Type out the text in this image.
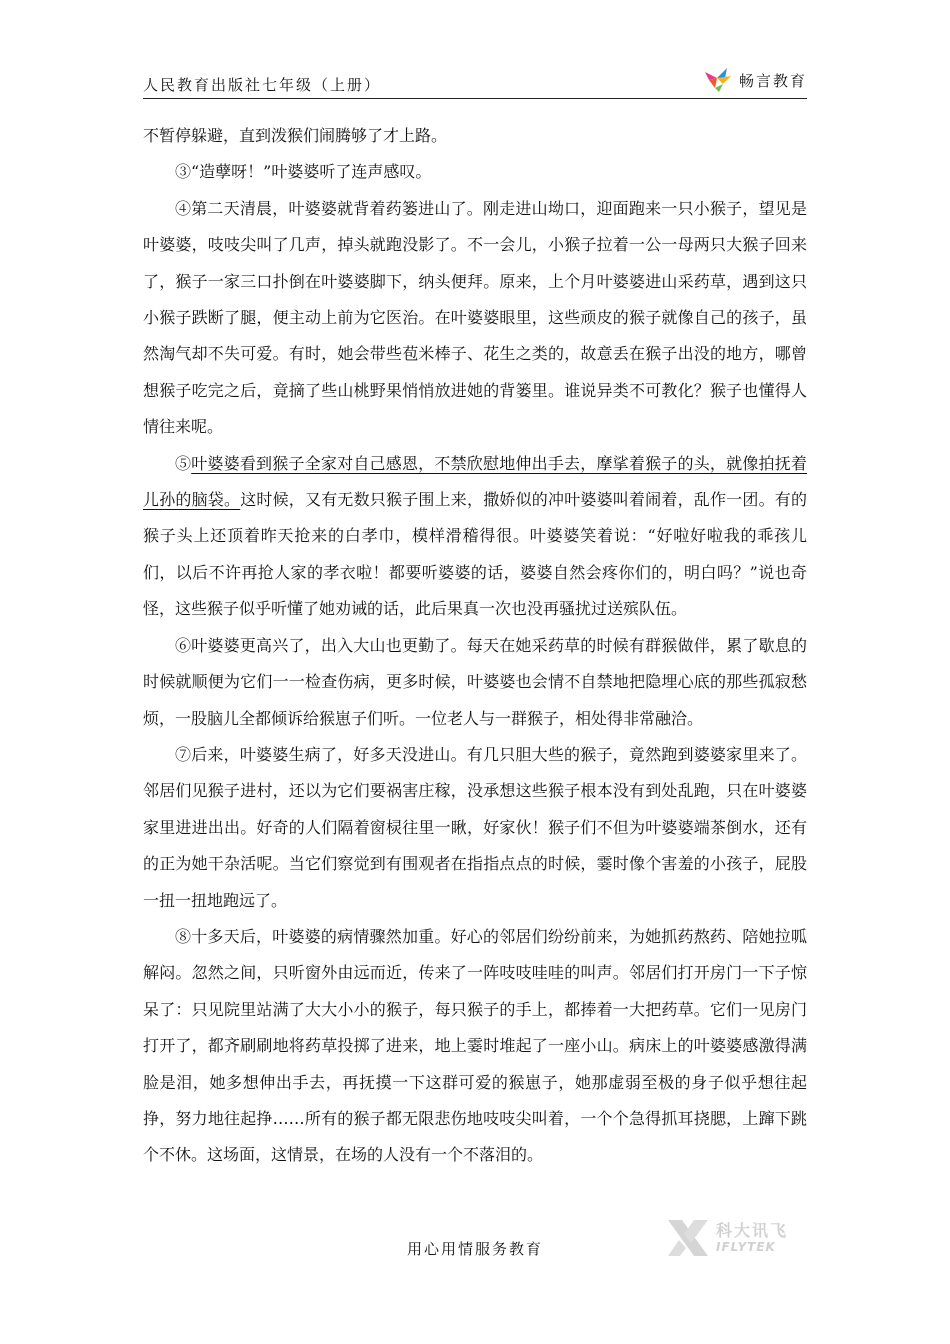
人民教育出版社七年级（上册）	畅言教育

不暂停躲避，直到泼猴们闹腾够了才上路。

③“造孽呀！”叶婆婆听了连声感叹。

④第二天清晨，叶婆婆就背着药篓进山了。刚走进山坳口，迎面跑来一只小猴子，望见是叶婆婆，吱吱尖叫了几声，掉头就跑没影了。不一会儿，小猴子拉着一公一母两只大猴子回来了，猴子一家三口扑倒在叶婆婆脚下，纳头便拜。原来，上个月叶婆婆进山采药草，遇到这只小猴子跌断了腿，便主动上前为它医治。在叶婆婆眼里，这些顽皮的猴子就像自己的孩子，虽然淘气却不失可爱。有时，她会带些苞米棒子、花生之类的，故意丢在猴子出没的地方，哪曾想猴子吃完之后，竟摘了些山桃野果悄悄放进她的背篓里。谁说异类不可教化？猴子也懂得人情往来呢。

⑤叶婆婆看到猴子全家对自己感恩，不禁欣慰地伸出手去，摩挲着猴子的头，就像拍抚着儿孙的脑袋。这时候，又有无数只猴子围上来，撒娇似的冲叶婆婆叫着闹着，乱作一团。有的猴子头上还顶着昨天抢来的白孝巾，模样滑稽得很。叶婆婆笑着说：“好啦好啦我的乖孩儿们，以后不许再抢人家的孝衣啦！都要听婆婆的话，婆婆自然会疼你们的，明白吗？”说也奇怪，这些猴子似乎听懂了她劝诫的话，此后果真一次也没再骚扰过送殡队伍。

⑥叶婆婆更高兴了，出入大山也更勤了。每天在她采药草的时候有群猴做伴，累了歇息的时候就顺便为它们一一检查伤病，更多时候，叶婆婆也会情不自禁地把隐埋心底的那些孤寂愁烦，一股脑儿全都倾诉给猴崽子们听。一位老人与一群猴子，相处得非常融洽。

⑦后来，叶婆婆生病了，好多天没进山。有几只胆大些的猴子，竟然跑到婆婆家里来了。邻居们见猴子进村，还以为它们要祸害庄稼，没承想这些猴子根本没有到处乱跑，只在叶婆婆家里进进出出。好奇的人们隔着窗棂往里一瞅，好家伙！猴子们不但为叶婆婆端茶倒水，还有的正为她干杂活呢。当它们察觉到有围观者在指指点点的时候，霎时像个害羞的小孩子，屁股一扭一扭地跑远了。

⑧十多天后，叶婆婆的病情骤然加重。好心的邻居们纷纷前来，为她抓药熬药、陪她拉呱解闷。忽然之间，只听窗外由远而近，传来了一阵吱吱哇哇的叫声。邻居们打开房门一下子惊呆了：只见院里站满了大大小小的猴子，每只猴子的手上，都捧着一大把药草。它们一见房门打开了，都齐刷刷地将药草投掷了进来，地上霎时堆起了一座小山。病床上的叶婆婆感激得满脸是泪，她多想伸出手去，再抚摸一下这群可爱的猴崽子，她那虚弱至极的身子似乎想往起挣，努力地往起挣……所有的猴子都无限悲伤地吱吱尖叫着，一个个急得抓耳挠腮，上蹿下跳个不休。这场面，这情景，在场的人没有一个不落泪的。

用心用情服务教育
科大讯飞
IFLYTEK
